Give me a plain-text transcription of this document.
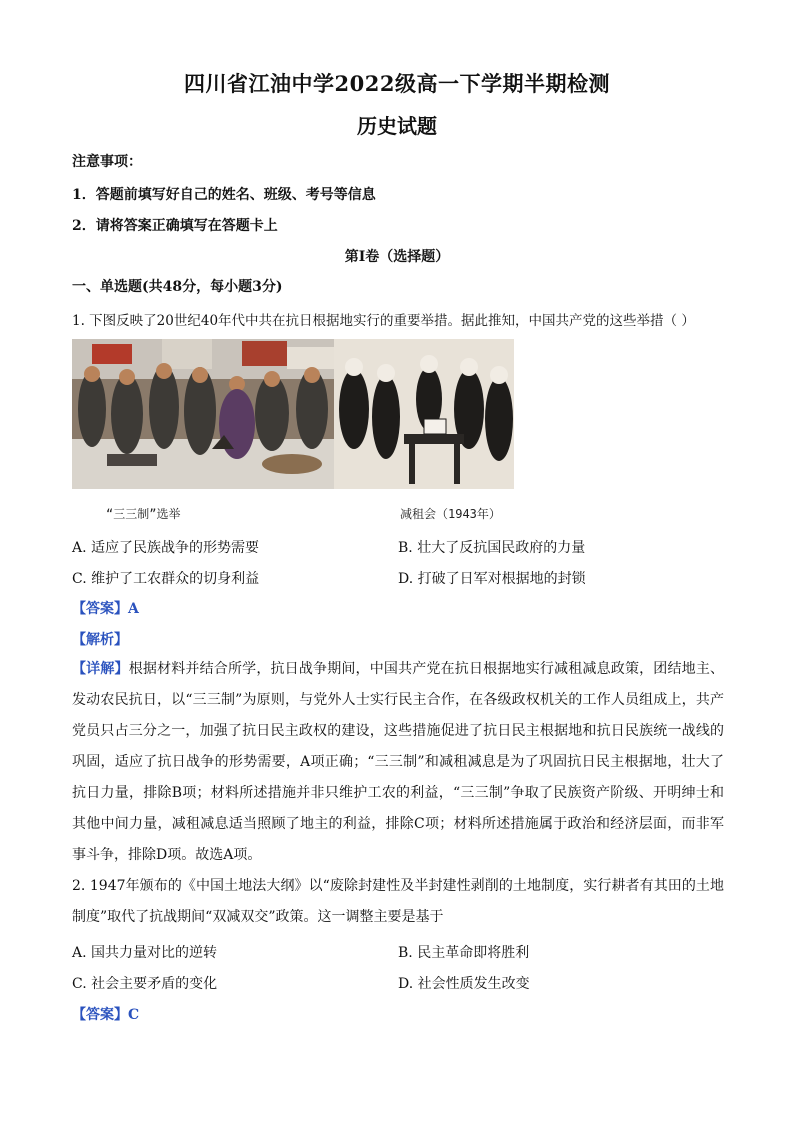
四川省江油中学2022级高一下学期半期检测
历史试题
注意事项：
1．答题前填写好自己的姓名、班级、考号等信息
2．请将答案正确填写在答题卡上
第Ⅰ卷（选择题）
一、单选题(共48分，每小题3分)
1. 下图反映了20世纪40年代中共在抗日根据地实行的重要举措。据此推知，中国共产党的这些举措（ ）
“三三制”选举	减租会（1943年）
A. 适应了民族战争的形势需要	B. 壮大了反抗国民政府的力量
C. 维护了工农群众的切身利益	D. 打破了日军对根据地的封锁
【答案】A
【解析】
【详解】根据材料并结合所学，抗日战争期间，中国共产党在抗日根据地实行减租减息政策，团结地主、发动农民抗日，以“三三制”为原则，与党外人士实行民主合作，在各级政权机关的工作人员组成上，共产党员只占三分之一，加强了抗日民主政权的建设，这些措施促进了抗日民主根据地和抗日民族统一战线的巩固，适应了抗日战争的形势需要，A项正确；“三三制”和减租减息是为了巩固抗日民主根据地，壮大了抗日力量，排除B项；材料所述措施并非只维护工农的利益，“三三制”争取了民族资产阶级、开明绅士和其他中间力量，减租减息适当照顾了地主的利益，排除C项；材料所述措施属于政治和经济层面，而非军事斗争，排除D项。故选A项。
2. 1947年颁布的《中国土地法大纲》以“废除封建性及半封建性剥削的土地制度，实行耕者有其田的土地制度”取代了抗战期间“双减双交”政策。这一调整主要是基于
A. 国共力量对比的逆转	B. 民主革命即将胜利
C. 社会主要矛盾的变化	D. 社会性质发生改变
【答案】C
